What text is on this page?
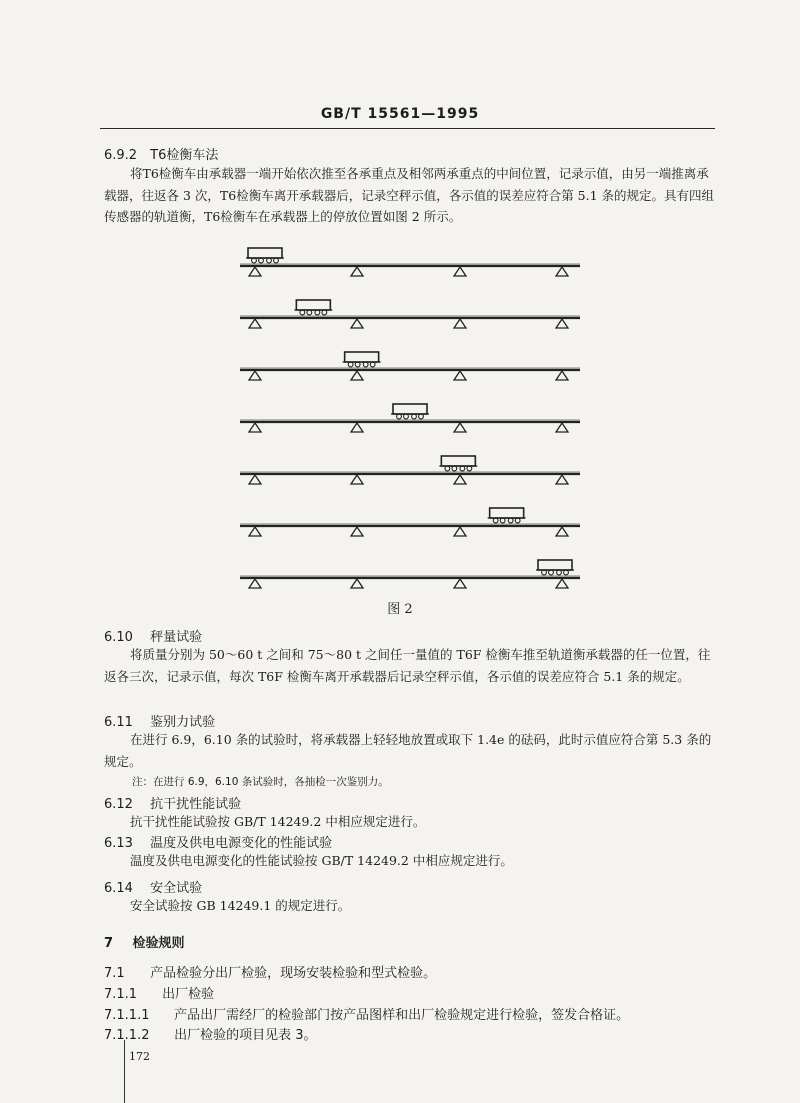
GB/T 15561—1995
6.9.2 T6检衡车法
将T6检衡车由承载器一端开始依次推至各承重点及相邻两承重点的中间位置，记录示值，由另一端推离承载器，往返各 3 次，T6检衡车离开承载器后，记录空秤示值，各示值的误差应符合第 5.1 条的规定。具有四组传感器的轨道衡，T6检衡车在承载器上的停放位置如图 2 所示。
图 2
6.10 秤量试验
将质量分别为 50～60 t 之间和 75～80 t 之间任一量值的 T6F 检衡车推至轨道衡承载器的任一位置，往返各三次，记录示值，每次 T6F 检衡车离开承载器后记录空秤示值，各示值的误差应符合 5.1 条的规定。
6.11 鉴别力试验
在进行 6.9，6.10 条的试验时，将承载器上轻轻地放置或取下 1.4e 的砝码，此时示值应符合第 5.3 条的规定。
注：在进行 6.9，6.10 条试验时，各抽检一次鉴别力。
6.12 抗干扰性能试验
抗干扰性能试验按 GB/T 14249.2 中相应规定进行。
6.13 温度及供电电源变化的性能试验
温度及供电电源变化的性能试验按 GB/T 14249.2 中相应规定进行。
6.14 安全试验
安全试验按 GB 14249.1 的规定进行。
7 检验规则
7.1 产品检验分出厂检验，现场安装检验和型式检验。
7.1.1 出厂检验
7.1.1.1 产品出厂需经厂的检验部门按产品图样和出厂检验规定进行检验，签发合格证。
7.1.1.2 出厂检验的项目见表 3。
172
